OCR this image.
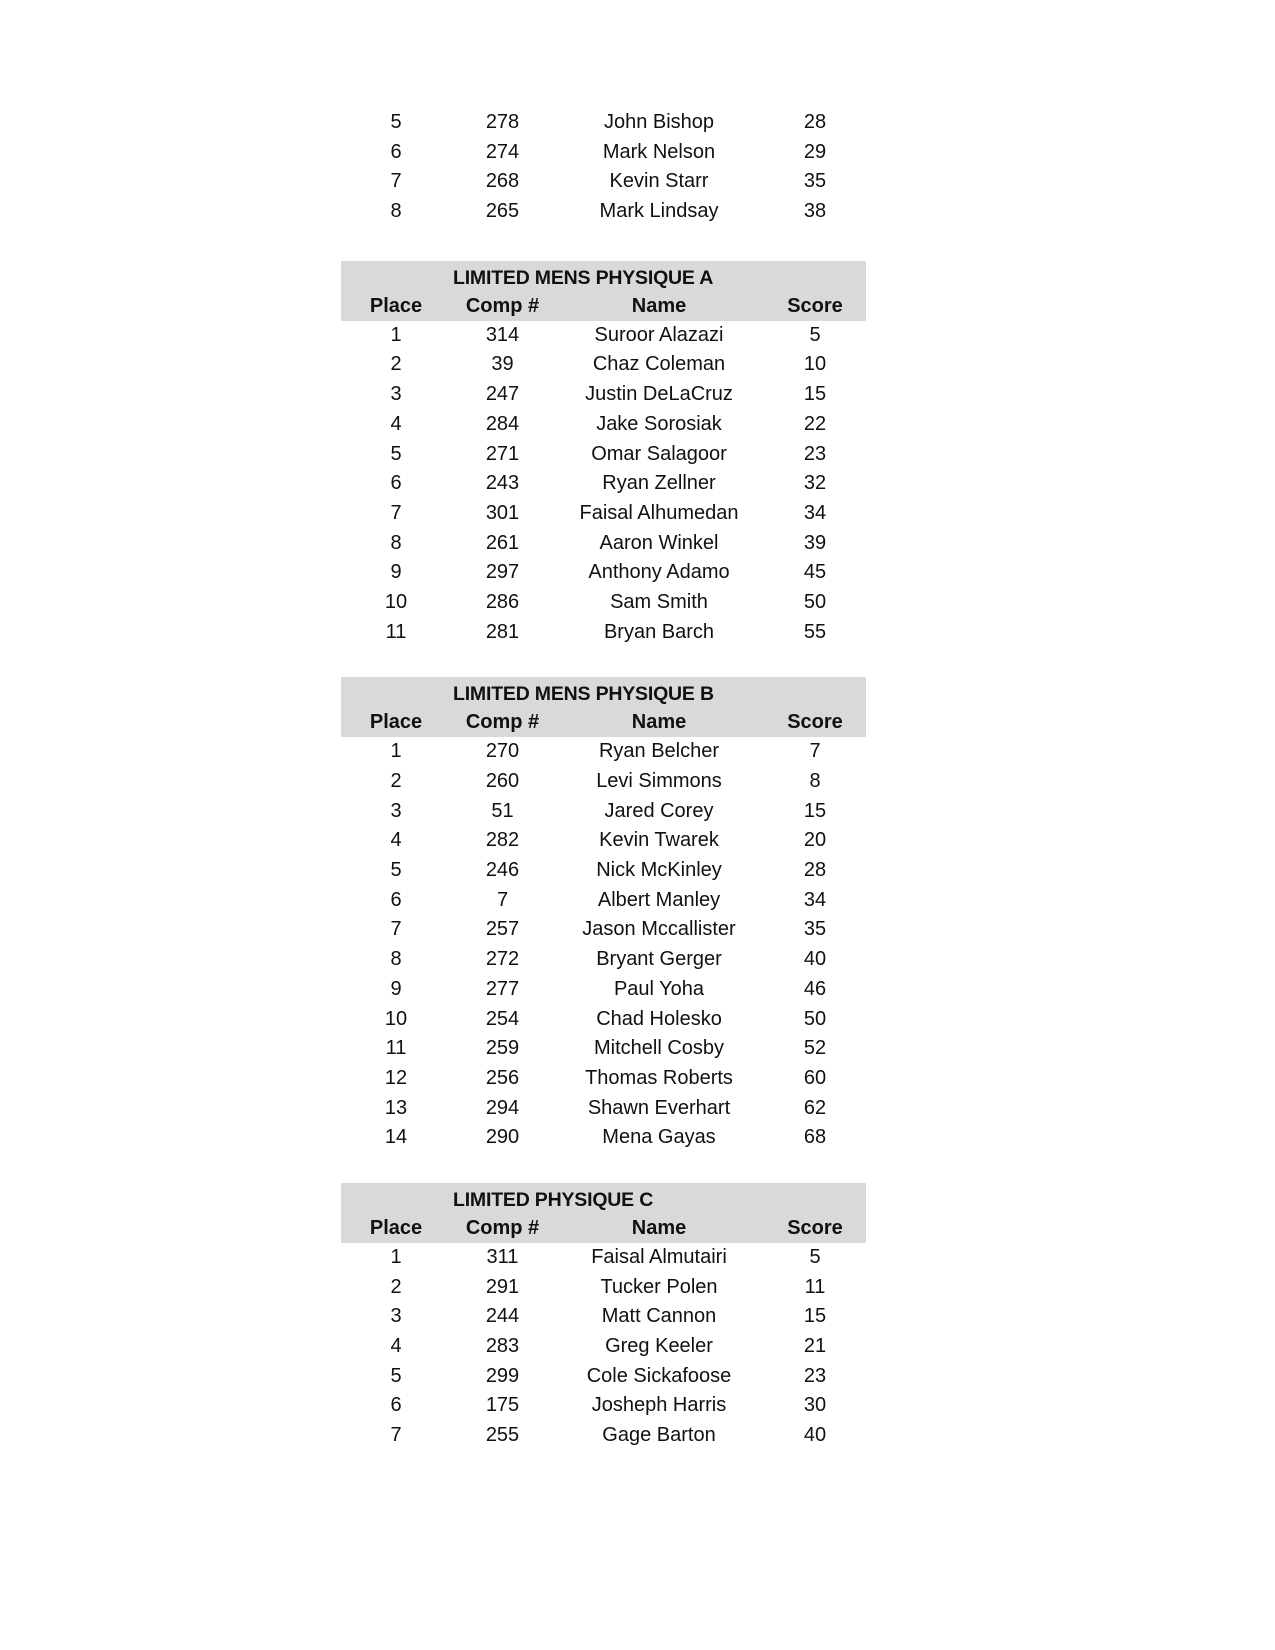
5	278	John Bishop	28
6	274	Mark Nelson	29
7	268	Kevin Starr	35
8	265	Mark Lindsay	38
LIMITED MENS PHYSIQUE A
Place	Comp #	Name	Score
1	314	Suroor Alazazi	5
2	39	Chaz Coleman	10
3	247	Justin DeLaCruz	15
4	284	Jake Sorosiak	22
5	271	Omar Salagoor	23
6	243	Ryan Zellner	32
7	301	Faisal Alhumedan	34
8	261	Aaron Winkel	39
9	297	Anthony Adamo	45
10	286	Sam Smith	50
11	281	Bryan Barch	55
LIMITED MENS PHYSIQUE B
Place	Comp #	Name	Score
1	270	Ryan Belcher	7
2	260	Levi Simmons	8
3	51	Jared Corey	15
4	282	Kevin Twarek	20
5	246	Nick McKinley	28
6	7	Albert Manley	34
7	257	Jason Mccallister	35
8	272	Bryant Gerger	40
9	277	Paul Yoha	46
10	254	Chad Holesko	50
11	259	Mitchell Cosby	52
12	256	Thomas Roberts	60
13	294	Shawn Everhart	62
14	290	Mena Gayas	68
LIMITED PHYSIQUE C
Place	Comp #	Name	Score
1	311	Faisal Almutairi	5
2	291	Tucker Polen	11
3	244	Matt Cannon	15
4	283	Greg Keeler	21
5	299	Cole Sickafoose	23
6	175	Josheph Harris	30
7	255	Gage Barton	40
